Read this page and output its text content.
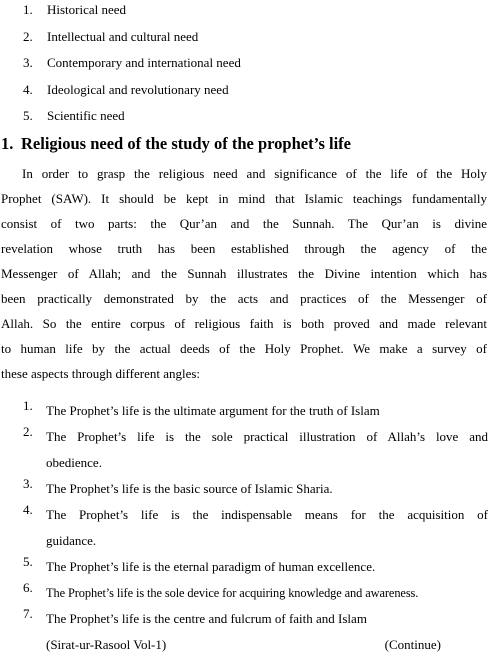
1. Historical need
2. Intellectual and cultural need
3. Contemporary and international need
4. Ideological and revolutionary need
5. Scientific need
1. Religious need of the study of the prophet’s life
In order to grasp the religious need and significance of the life of the Holy
Prophet (SAW). It should be kept in mind that Islamic teachings fundamentally
consist of two parts: the Qur’an and the Sunnah. The Qur’an is divine
revelation whose truth has been established through the agency of the
Messenger of Allah; and the Sunnah illustrates the Divine intention which has
been practically demonstrated by the acts and practices of the Messenger of
Allah. So the entire corpus of religious faith is both proved and made relevant
to human life by the actual deeds of the Holy Prophet. We make a survey of
these aspects through different angles:
1. The Prophet’s life is the ultimate argument for the truth of Islam
2. The Prophet’s life is the sole practical illustration of Allah’s love and
obedience.
3. The Prophet’s life is the basic source of Islamic Sharia.
4. The Prophet’s life is the indispensable means for the acquisition of
guidance.
5. The Prophet’s life is the eternal paradigm of human excellence.
6. The Prophet’s life is the sole device for acquiring knowledge and awareness.
7. The Prophet’s life is the centre and fulcrum of faith and Islam
(Sirat-ur-Rasool Vol-1)	(Continue)
